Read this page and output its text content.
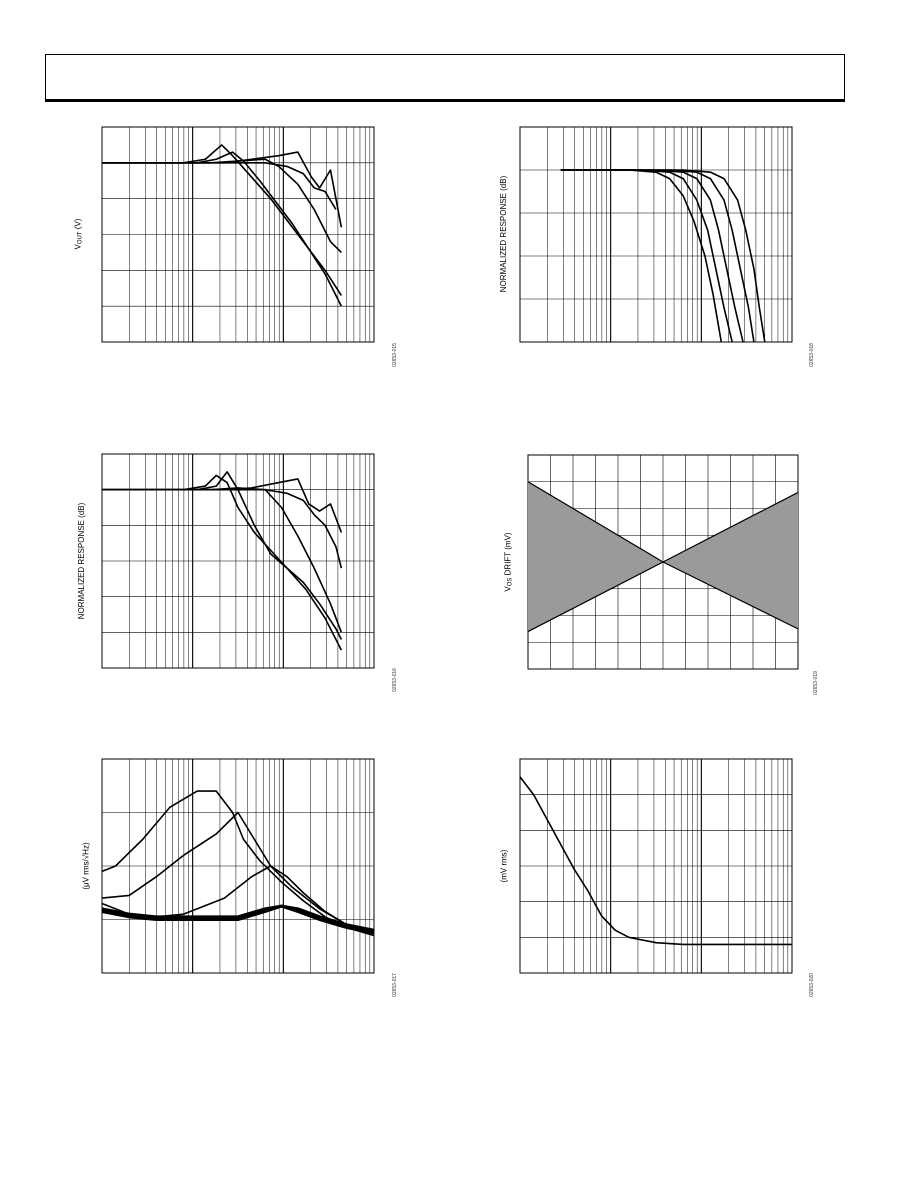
$V_{OUT}$ (V)
02653-015
NORMALIZED RESPONSE (dB)
02653-018
NORMALIZED RESPONSE (dB)
02653-016
$V_{OS}$ DRIFT (mV)
02653-019
(μV rms/√Hz)
02653-017
(mV rms)
02653-020
